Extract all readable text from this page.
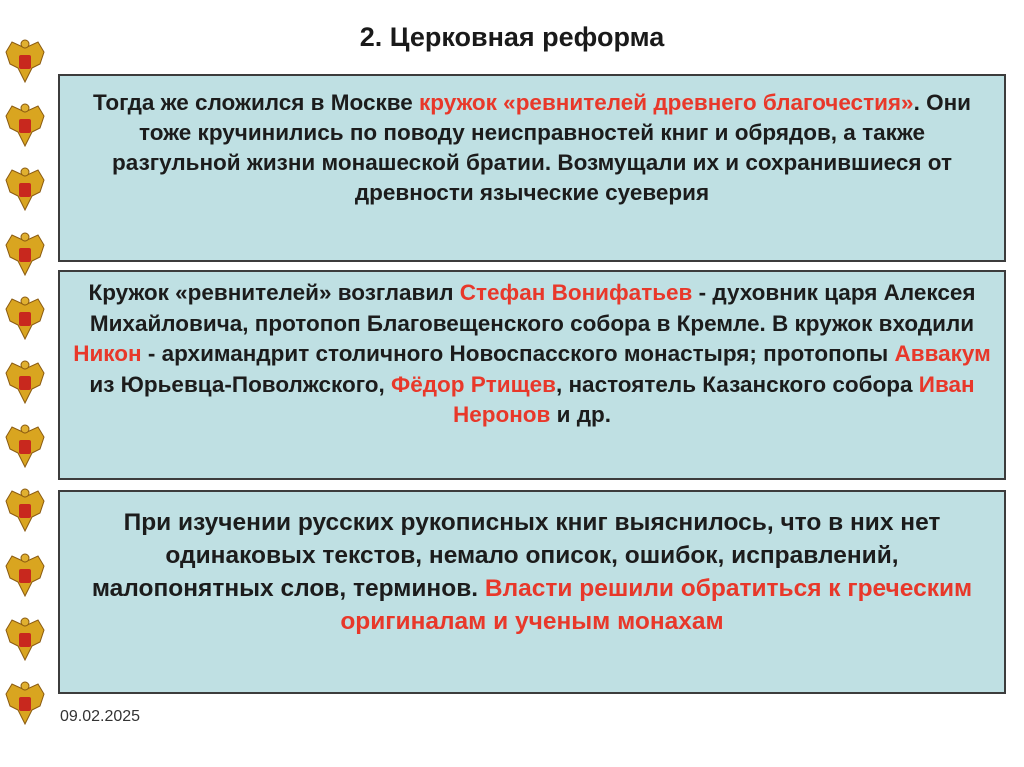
2. Церковная реформа
Тогда же сложился в Москве кружок «ревнителей древнего благочестия». Они тоже кручинились по поводу неисправностей книг и обрядов, а также разгульной жизни монашеской братии. Возмущали их и сохранившиеся от древности языческие суеверия
Кружок «ревнителей» возглавил Стефан Вонифатьев - духовник царя Алексея Михайловича, протопоп Благовещенского собора в Кремле. В кружок входили Никон - архимандрит столичного Новоспасского монастыря; протопопы Аввакум из Юрьевца-Поволжского, Фёдор Ртищев, настоятель Казанского собора Иван Неронов и др.
При изучении русских рукописных книг выяснилось, что в них нет одинаковых текстов, немало описок, ошибок, исправлений, малопонятных слов, терминов. Власти решили обратиться к греческим оригиналам и ученым монахам
09.02.2025
